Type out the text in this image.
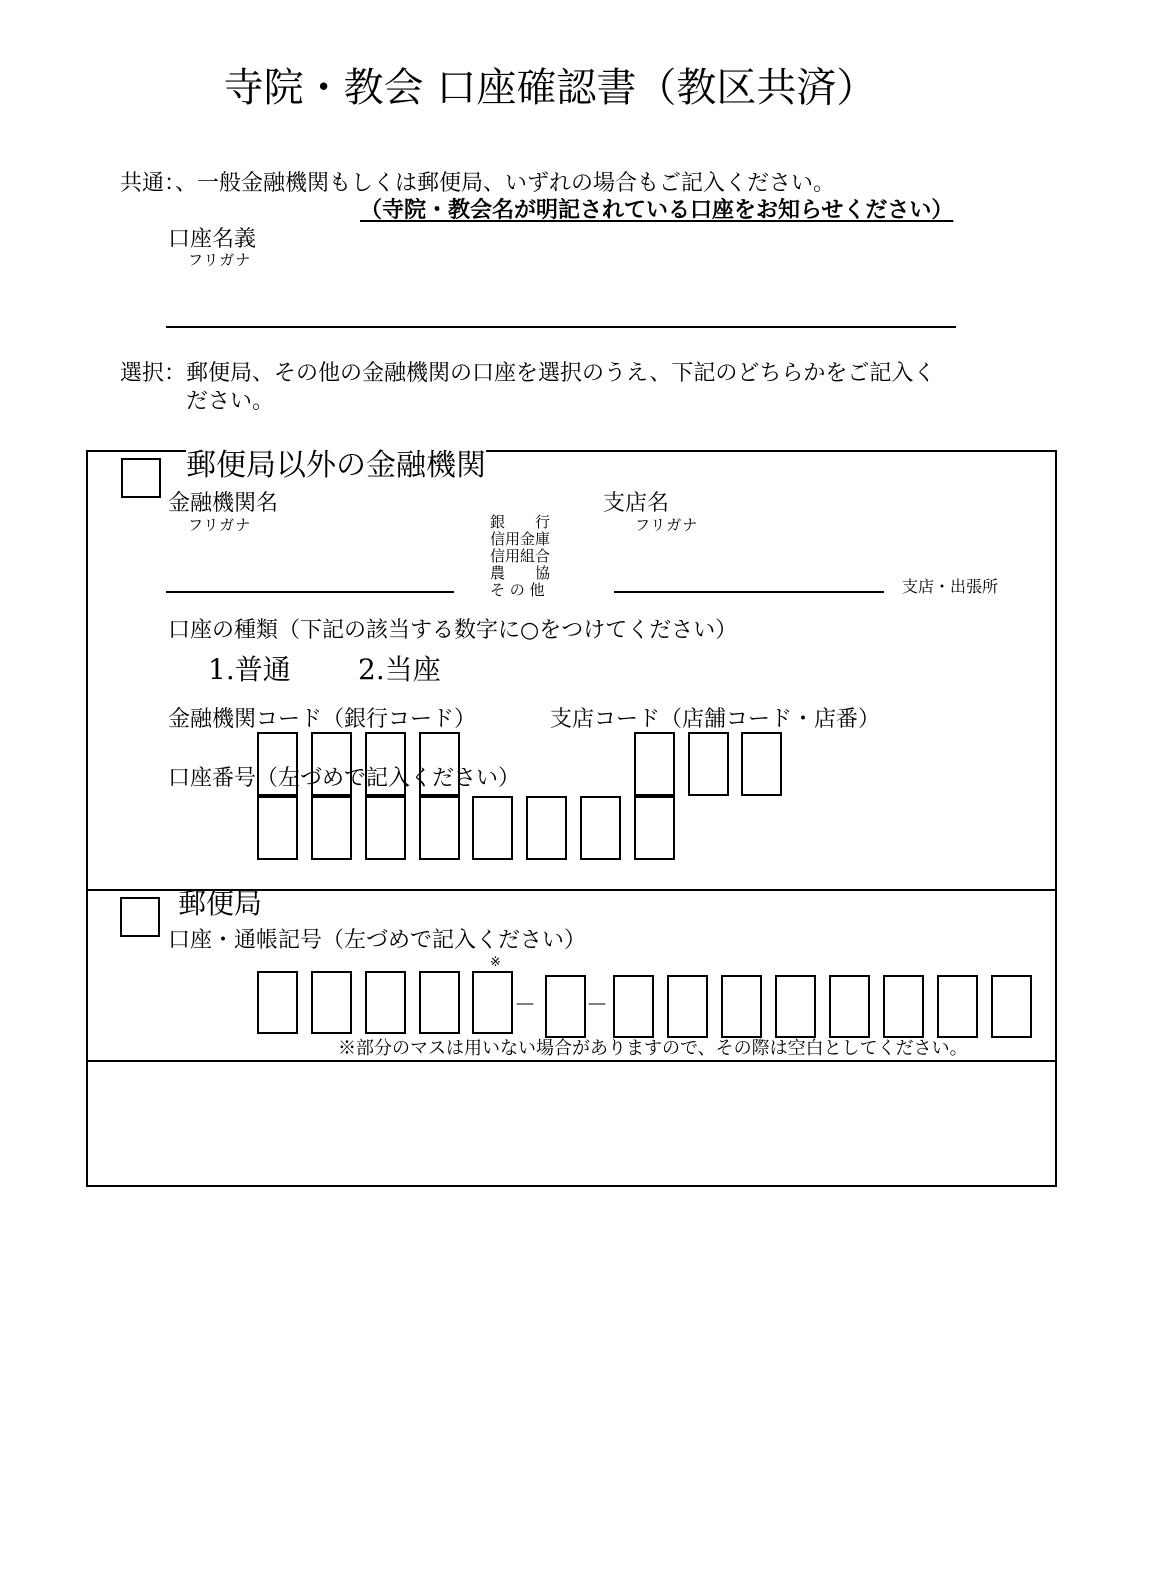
寺院・教会 口座確認書（教区共済）
共通：、一般金融機関もしくは郵便局、いずれの場合もご記入ください。
（寺院・教会名が明記されている口座をお知らせください）
口座名義
フリガナ
選択：郵便局、その他の金融機関の口座を選択のうえ、下記のどちらかをご記入く
ださい。
郵便局以外の金融機関
金融機関名
フリガナ	銀　　行
信用金庫
信用組合
農　　協
そ の 他
支店名
フリガナ
支店・出張所
口座の種類（下記の該当する数字に○をつけてください）
1.普通 2.当座
金融機関コード（銀行コード）	支店コード（店舗コード・店番）
口座番号（左づめで記入ください）
郵便局
口座・通帳記号（左づめで記入ください）
※
－ －
※部分のマスは用いない場合がありますので、その際は空白としてください。
